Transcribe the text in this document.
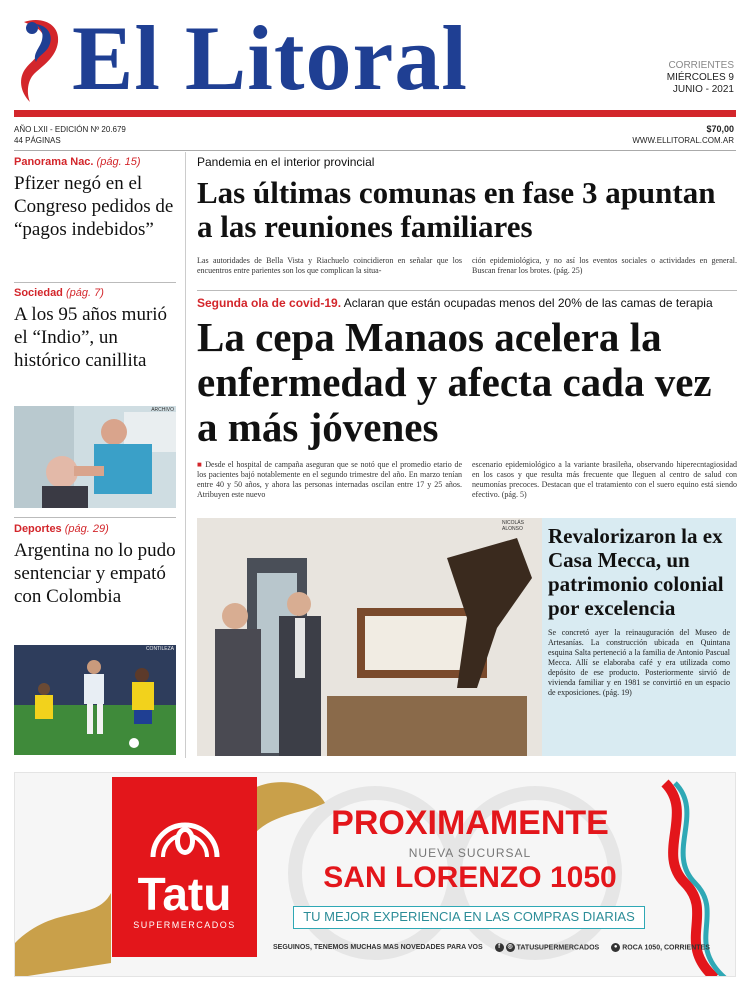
El Litoral	CORRIENTES
MIÉRCOLES 9
JUNIO - 2021
AÑO LXII - EDICIÓN Nº 20.679
44 PÁGINAS
$70,00
WWW.ELLITORAL.COM.AR
Panorama Nac. (pág. 15)
Pfizer negó en el Congreso pedidos de “pagos indebidos”
Sociedad (pág. 7)
A los 95 años murió el “Indio”, un histórico canillita
ARCHIVO
Deportes (pág. 29)
Argentina no lo pudo sentenciar y empató con Colombia
CONTILEZA
Pandemia en el interior provincial
Las últimas comunas en fase 3 apuntan a las reuniones familiares
Las autoridades de Bella Vista y Riachuelo coincidieron en señalar que los encuentros entre parientes son los que complican la situa-
ción epidemiológica, y no así los eventos sociales o actividades en general. Buscan frenar los brotes. (pág. 25)
Segunda ola de covid-19. Aclaran que están ocupadas menos del 20% de las camas de terapia
La cepa Manaos acelera la enfermedad y afecta cada vez a más jóvenes
■ Desde el hospital de campaña aseguran que se notó que el promedio etario de los pacientes bajó notablemente en el segundo trimestre del año. En marzo tenían entre 40 y 50 años, y ahora las personas internadas oscilan entre 17 y 25 años. Atribuyen este nuevo
escenario epidemiológico a la variante brasileña, observando hiperecntagiosidad en los casos y que resulta más frecuente que lleguen al centro de salud con neumonías precoces. Destacan que el tratamiento con el suero equino está siendo efectivo. (pág. 5)
NICOLÁS ALONSO	Revalorizaron la ex Casa Mecca, un patrimonio colonial por excelencia
Se concretó ayer la reinauguración del Museo de Artesanías. La construcción ubicada en Quintana esquina Salta perteneció a la familia de Antonio Pascual Mecca. Allí se elaboraba café y era utilizada como depósito de ese producto. Posteriormente sirvió de vivienda familiar y en 1981 se convirtió en un espacio de exposiciones. (pág. 19)
Tatu
SUPERMERCADOS
PROXIMAMENTE
NUEVA SUCURSAL
SAN LORENZO 1050
TU MEJOR EXPERIENCIA EN LAS COMPRAS DIARIAS
SEGUINOS, TENEMOS MUCHAS MAS NOVEDADES PARA VOS	f ◎ TATUSUPERMERCADOS	● ROCA 1050, CORRIENTES
